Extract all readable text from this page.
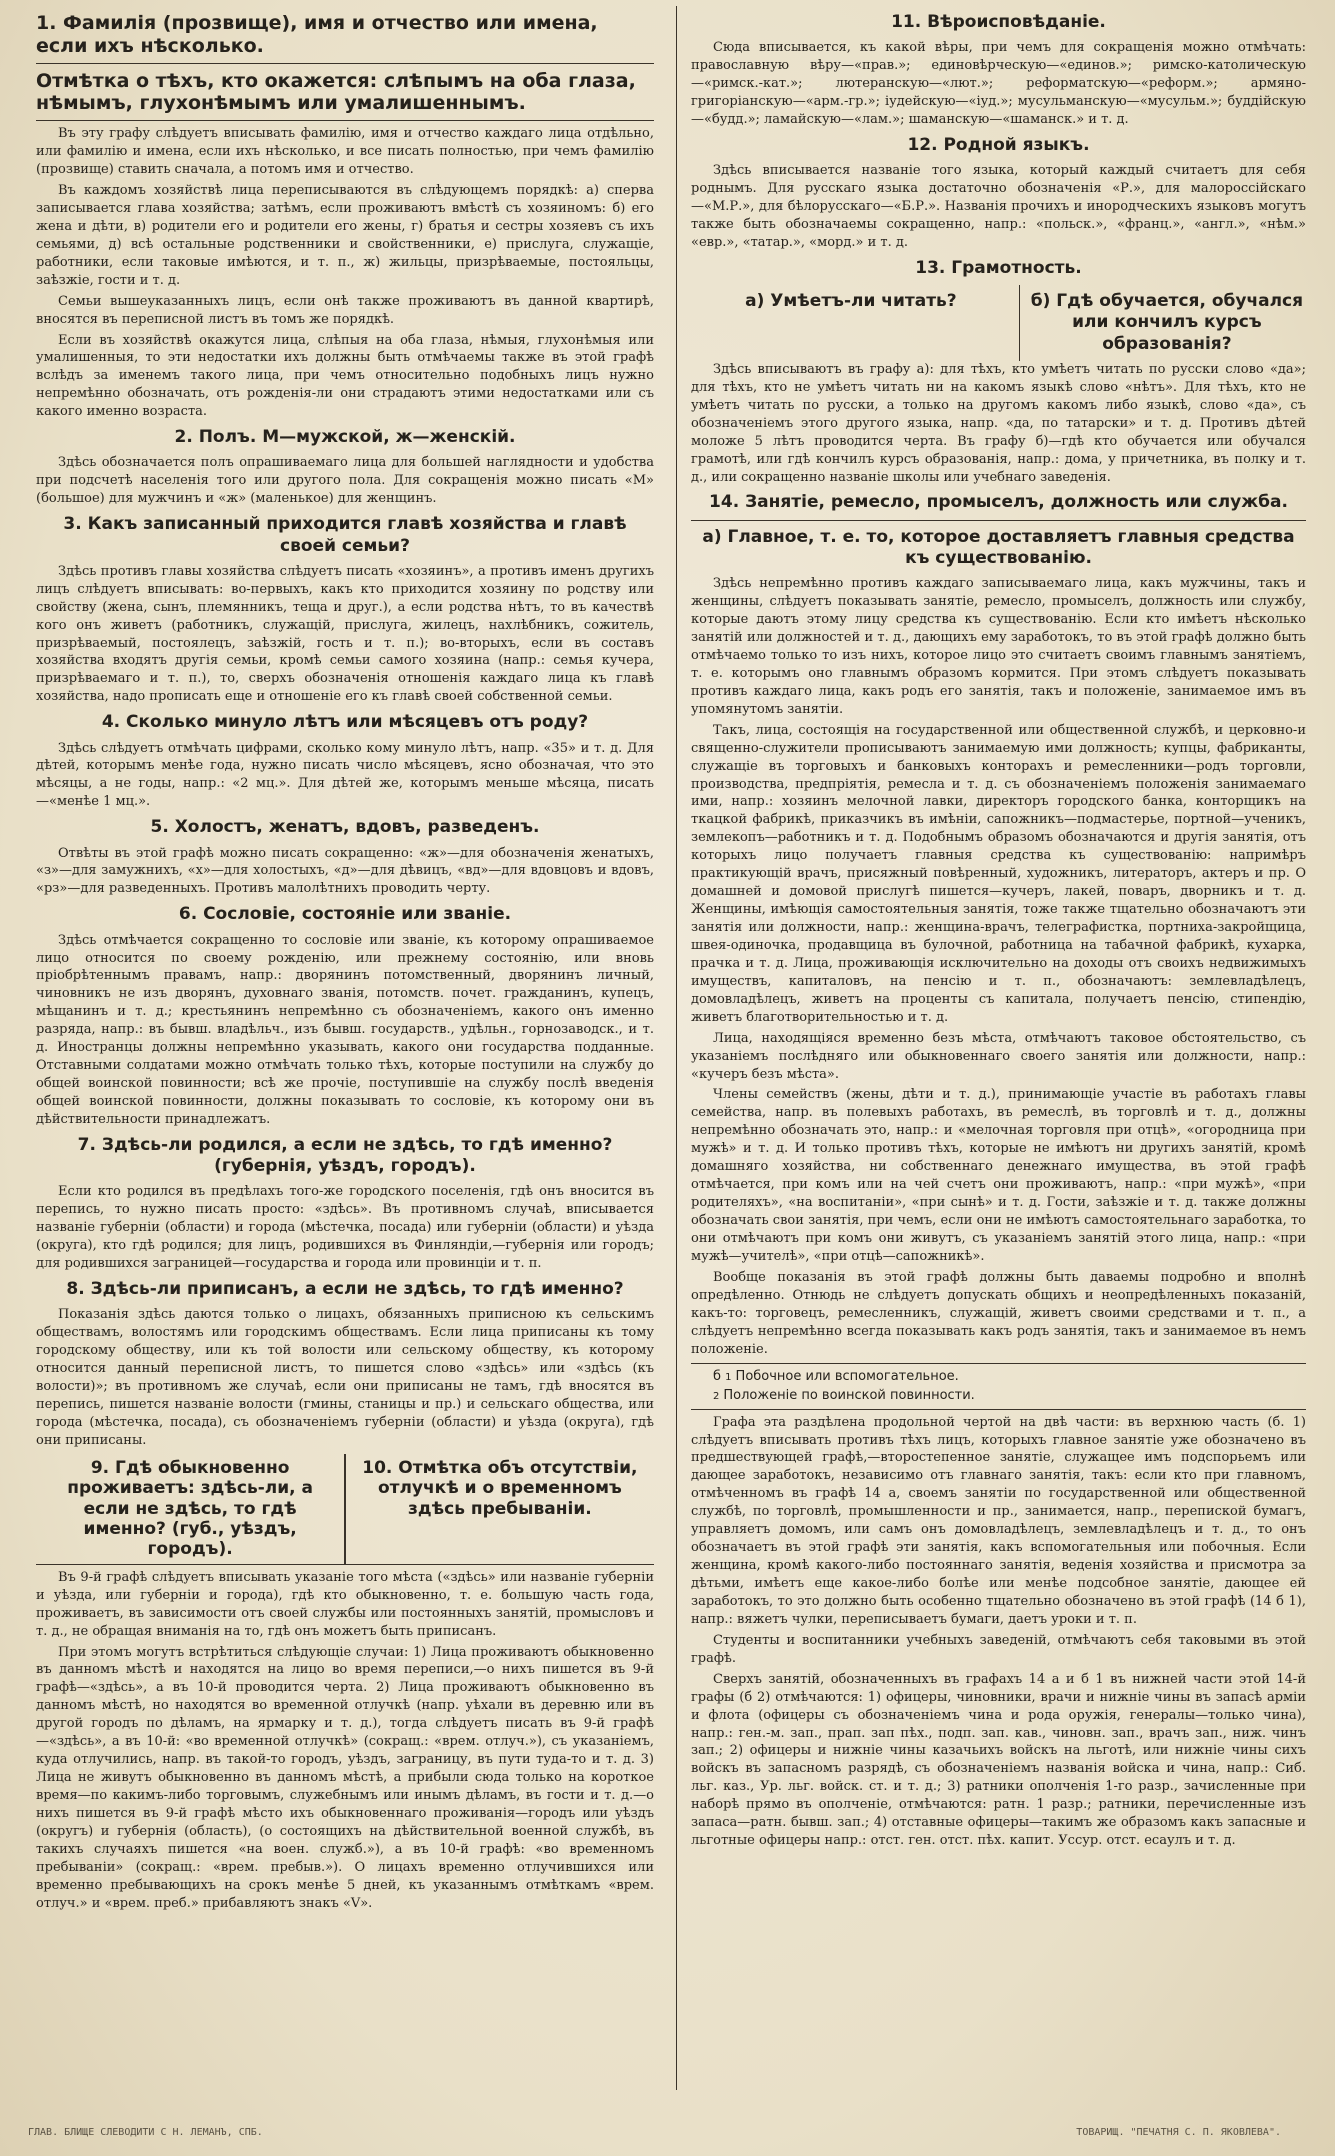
1. Фамилія (прозвище), имя и отчество или имена, если ихъ нѣсколько.
Отмѣтка о тѣхъ, кто окажется: слѣпымъ на оба глаза, нѣмымъ, глухонѣмымъ или умалишеннымъ.

Въ эту графу слѣдуетъ вписывать фамилію, имя и отчество каждаго лица отдѣльно, или фамилію и имена, если ихъ нѣсколько, и все писать полностью, при чемъ фамилію (прозвище) ставить сначала, а потомъ имя и отчество.

Въ каждомъ хозяйствѣ лица переписываются въ слѣдующемъ порядкѣ: а) сперва записывается глава хозяйства; затѣмъ, если проживаютъ вмѣстѣ съ хозяиномъ: б) его жена и дѣти, в) родители его и родители его жены, г) братья и сестры хозяевъ съ ихъ семьями, д) всѣ остальные родственники и свойственники, е) прислуга, служащіе, работники, если таковые имѣются, и т. п., ж) жильцы, призрѣваемые, постояльцы, заѣзжіе, гости и т. д.

Семьи вышеуказанныхъ лицъ, если онѣ также проживаютъ въ данной квартирѣ, вносятся въ переписной листъ въ томъ же порядкѣ.

Если въ хозяйствѣ окажутся лица, слѣпыя на оба глаза, нѣмыя, глухонѣмыя или умалишенныя, то эти недостатки ихъ должны быть отмѣчаемы также въ этой графѣ вслѣдъ за именемъ такого лица, при чемъ относительно подобныхъ лицъ нужно непремѣнно обозначать, отъ рожденія-ли они страдаютъ этими недостатками или съ какого именно возраста.

2. Полъ. М—мужской, ж—женскій.

Здѣсь обозначается полъ опрашиваемаго лица для большей наглядности и удобства при подсчетѣ населенія того или другого пола. Для сокращенія можно писать «М» (большое) для мужчинъ и «ж» (маленькое) для женщинъ.

3. Какъ записанный приходится главѣ хозяйства и главѣ своей семьи?

Здѣсь противъ главы хозяйства слѣдуетъ писать «хозяинъ», а противъ именъ другихъ лицъ слѣдуетъ вписывать: во-первыхъ, какъ кто приходится хозяину по родству или свойству (жена, сынъ, племянникъ, теща и друг.), а если родства нѣтъ, то въ качествѣ кого онъ живетъ (работникъ, служащій, прислуга, жилецъ, нахлѣбникъ, сожитель, призрѣваемый, постоялецъ, заѣзжій, гость и т. п.); во-вторыхъ, если въ составъ хозяйства входятъ другія семьи, кромѣ семьи самого хозяина (напр.: семья кучера, призрѣваемаго и т. п.), то, сверхъ обозначенія отношенія каждаго лица къ главѣ хозяйства, надо прописать еще и отношеніе его къ главѣ своей собственной семьи.

4. Сколько минуло лѣтъ или мѣсяцевъ отъ роду?

Здѣсь слѣдуетъ отмѣчать цифрами, сколько кому минуло лѣтъ, напр. «35» и т. д. Для дѣтей, которымъ менѣе года, нужно писать число мѣсяцевъ, ясно обозначая, что это мѣсяцы, а не годы, напр.: «2 мц.». Для дѣтей же, которымъ меньше мѣсяца, писать—«менѣе 1 мц.».

5. Холостъ, женатъ, вдовъ, разведенъ.

Отвѣты въ этой графѣ можно писать сокращенно: «ж»—для обозначенія женатыхъ, «з»—для замужнихъ, «х»—для холостыхъ, «д»—для дѣвицъ, «вд»—для вдовцовъ и вдовъ, «рз»—для разведенныхъ. Противъ малолѣтнихъ проводить черту.

6. Сословіе, состояніе или званіе.

Здѣсь отмѣчается сокращенно то сословіе или званіе, къ которому опрашиваемое лицо относится по своему рожденію, или прежнему состоянію, или вновь пріобрѣтеннымъ правамъ, напр.: дворянинъ потомственный, дворянинъ личный, чиновникъ не изъ дворянъ, духовнаго званія, потомств. почет. гражданинъ, купецъ, мѣщанинъ и т. д.; крестьянинъ непремѣнно съ обозначеніемъ, какого онъ именно разряда, напр.: въ бывш. владѣльч., изъ бывш. государств., удѣльн., горнозаводск., и т. д. Иностранцы должны непремѣнно указывать, какого они государства подданные. Отставными солдатами можно отмѣчать только тѣхъ, которые поступили на службу до общей воинской повинности; всѣ же прочіе, поступившіе на службу послѣ введенія общей воинской повинности, должны показывать то сословіе, къ которому они въ дѣйствительности принадлежатъ.

7. Здѣсь-ли родился, а если не здѣсь, то гдѣ именно? (губернія, уѣздъ, городъ).

Если кто родился въ предѣлахъ того-же городского поселенія, гдѣ онъ вносится въ перепись, то нужно писать просто: «здѣсь». Въ противномъ случаѣ, вписывается названіе губерніи (области) и города (мѣстечка, посада) или губерніи (области) и уѣзда (округа), кто гдѣ родился; для лицъ, родившихся въ Финляндіи,—губернія или городъ; для родившихся заграницей—государства и города или провинціи и т. п.

8. Здѣсь-ли приписанъ, а если не здѣсь, то гдѣ именно?

Показанія здѣсь даются только о лицахъ, обязанныхъ приписною къ сельскимъ обществамъ, волостямъ или городскимъ обществамъ. Если лица приписаны къ тому городскому обществу, или къ той волости или сельскому обществу, къ которому относится данный переписной листъ, то пишется слово «здѣсь» или «здѣсь (къ волости)»; въ противномъ же случаѣ, если они приписаны не тамъ, гдѣ вносятся въ перепись, пишется названіе волости (гмины, станицы и пр.) и сельскаго общества, или города (мѣстечка, посада), съ обозначеніемъ губерніи (области) и уѣзда (округа), гдѣ они приписаны.

9. Гдѣ обыкновенно проживаетъ: здѣсь-ли, а если не здѣсь, то гдѣ именно? (губ., уѣздъ, городъ).
10. Отмѣтка объ отсутствіи, отлучкѣ и о временномъ здѣсь пребываніи.

Въ 9-й графѣ слѣдуетъ вписывать указаніе того мѣста («здѣсь» или названіе губерніи и уѣзда, или губерніи и города), гдѣ кто обыкновенно, т. е. большую часть года, проживаетъ, въ зависимости отъ своей службы или постоянныхъ занятій, промысловъ и т. д., не обращая вниманія на то, гдѣ онъ можетъ быть приписанъ.

При этомъ могутъ встрѣтиться слѣдующіе случаи: 1) Лица проживаютъ обыкновенно въ данномъ мѣстѣ и находятся на лицо во время переписи,—о нихъ пишется въ 9-й графѣ—«здѣсь», а въ 10-й проводится черта. 2) Лица проживаютъ обыкновенно въ данномъ мѣстѣ, но находятся во временной отлучкѣ (напр. уѣхали въ деревню или въ другой городъ по дѣламъ, на ярмарку и т. д.), тогда слѣдуетъ писать въ 9-й графѣ—«здѣсь», а въ 10-й: «во временной отлучкѣ» (сокращ.: «врем. отлуч.»), съ указаніемъ, куда отлучились, напр. въ такой-то городъ, уѣздъ, заграницу, въ пути туда-то и т. д. 3) Лица не живутъ обыкновенно въ данномъ мѣстѣ, а прибыли сюда только на короткое время—по какимъ-либо торговымъ, служебнымъ или инымъ дѣламъ, въ гости и т. д.—о нихъ пишется въ 9-й графѣ мѣсто ихъ обыкновеннаго проживанія—городъ или уѣздъ (округъ) и губернія (область), (о состоящихъ на дѣйствительной военной службѣ, въ такихъ случаяхъ пишется «на воен. служб.»), а въ 10-й графѣ: «во временномъ пребываніи» (сокращ.: «врем. пребыв.»). О лицахъ временно отлучившихся или временно пребывающихъ на срокъ менѣе 5 дней, къ указаннымъ отмѣткамъ «врем. отлуч.» и «врем. преб.» прибавляютъ знакъ «V».

11. Вѣроисповѣданіе.

Сюда вписывается, къ какой вѣры, при чемъ для сокращенія можно отмѣчать: православную вѣру—«прав.»; единовѣрческую—«единов.»; римско-католическую—«римск.-кат.»; лютеранскую—«лют.»; реформатскую—«реформ.»; армяно-григоріанскую—«арм.-гр.»; іудейскую—«іуд.»; мусульманскую—«мусульм.»; буддійскую—«будд.»; ламайскую—«лам.»; шаманскую—«шаманск.» и т. д.

12. Родной языкъ.

Здѣсь вписывается названіе того языка, который каждый считаетъ для себя роднымъ. Для русскаго языка достаточно обозначенія «Р.», для малороссійскаго—«М.Р.», для бѣлорусскаго—«Б.Р.». Названія прочихъ и инородческихъ языковъ могутъ также быть обозначаемы сокращенно, напр.: «польск.», «франц.», «англ.», «нѣм.» «евр.», «татар.», «морд.» и т. д.

13. Грамотность.
а) Умѣетъ-ли читать?	б) Гдѣ обучается, обучался или кончилъ курсъ образованія?

Здѣсь вписываютъ въ графу а): для тѣхъ, кто умѣетъ читать по русски слово «да»; для тѣхъ, кто не умѣетъ читать ни на какомъ языкѣ слово «нѣтъ». Для тѣхъ, кто не умѣетъ читать по русски, а только на другомъ какомъ либо языкѣ, слово «да», съ обозначеніемъ этого другого языка, напр. «да, по татарски» и т. д. Противъ дѣтей моложе 5 лѣтъ проводится черта. Въ графу б)—гдѣ кто обучается или обучался грамотѣ, или гдѣ кончилъ курсъ образованія, напр.: дома, у причетника, въ полку и т. д., или сокращенно названіе школы или учебнаго заведенія.

14. Занятіе, ремесло, промыселъ, должность или служба.
а) Главное, т. е. то, которое доставляетъ главныя средства къ существованію.

Здѣсь непремѣнно противъ каждаго записываемаго лица, какъ мужчины, такъ и женщины, слѣдуетъ показывать занятіе, ремесло, промыселъ, должность или службу, которые даютъ этому лицу средства къ существованію. Если кто имѣетъ нѣсколько занятій или должностей и т. д., дающихъ ему заработокъ, то въ этой графѣ должно быть отмѣчаемо только то изъ нихъ, которое лицо это считаетъ своимъ главнымъ занятіемъ, т. е. которымъ оно главнымъ образомъ кормится. При этомъ слѣдуетъ показывать противъ каждаго лица, какъ родъ его занятія, такъ и положеніе, занимаемое имъ въ упомянутомъ занятіи.

Такъ, лица, состоящія на государственной или общественной службѣ, и церковно-и священно-служители прописываютъ занимаемую ими должность; купцы, фабриканты, служащіе въ торговыхъ и банковыхъ конторахъ и ремесленники—родъ торговли, производства, предпріятія, ремесла и т. д. съ обозначеніемъ положенія занимаемаго ими, напр.: хозяинъ мелочной лавки, директоръ городского банка, конторщикъ на ткацкой фабрикѣ, приказчикъ въ имѣніи, сапожникъ—подмастерье, портной—ученикъ, землекопъ—работникъ и т. д. Подобнымъ образомъ обозначаются и другія занятія, отъ которыхъ лицо получаетъ главныя средства къ существованію: напримѣръ практикующій врачъ, присяжный повѣренный, художникъ, литераторъ, актеръ и пр. О домашней и домовой прислугѣ пишется—кучеръ, лакей, поваръ, дворникъ и т. д. Женщины, имѣющія самостоятельныя занятія, тоже также тщательно обозначаютъ эти занятія или должности, напр.: женщина-врачъ, телеграфистка, портниха-закройщица, швея-одиночка, продавщица въ булочной, работница на табачной фабрикѣ, кухарка, прачка и т. д. Лица, проживающія исключительно на доходы отъ своихъ недвижимыхъ имуществъ, капиталовъ, на пенсію и т. п., обозначаютъ: землевладѣлецъ, домовладѣлецъ, живетъ на проценты съ капитала, получаетъ пенсію, стипендію, живетъ благотворительностью и т. д.

Лица, находящіяся временно безъ мѣста, отмѣчаютъ таковое обстоятельство, съ указаніемъ послѣдняго или обыкновеннаго своего занятія или должности, напр.: «кучеръ безъ мѣста».

Члены семействъ (жены, дѣти и т. д.), принимающіе участіе въ работахъ главы семейства, напр. въ полевыхъ работахъ, въ ремеслѣ, въ торговлѣ и т. д., должны непремѣнно обозначать это, напр.: и «мелочная торговля при отцѣ», «огородница при мужѣ» и т. д. И только противъ тѣхъ, которые не имѣютъ ни другихъ занятій, кромѣ домашняго хозяйства, ни собственнаго денежнаго имущества, въ этой графѣ отмѣчается, при комъ или на чей счетъ они проживаютъ, напр.: «при мужѣ», «при родителяхъ», «на воспитаніи», «при сынѣ» и т. д. Гости, заѣзжіе и т. д. также должны обозначать свои занятія, при чемъ, если они не имѣютъ самостоятельнаго заработка, то они отмѣчаютъ при комъ они живутъ, съ указаніемъ занятій этого лица, напр.: «при мужѣ—учителѣ», «при отцѣ—сапожникѣ».

Вообще показанія въ этой графѣ должны быть даваемы подробно и вполнѣ опредѣленно. Отнюдь не слѣдуетъ допускать общихъ и неопредѣленныхъ показаній, какъ-то: торговецъ, ремесленникъ, служащій, живетъ своими средствами и т. п., а слѣдуетъ непремѣнно всегда показывать какъ родъ занятія, такъ и занимаемое въ немъ положеніе.

б 1 Побочное или вспомогательное.
2 Положеніе по воинской повинности.

Графа эта раздѣлена продольной чертой на двѣ части: въ верхнюю часть (б. 1) слѣдуетъ вписывать противъ тѣхъ лицъ, которыхъ главное занятіе уже обозначено въ предшествующей графѣ,—второстепенное занятіе, служащее имъ подспорьемъ или дающее заработокъ, независимо отъ главнаго занятія, такъ: если кто при главномъ, отмѣченномъ въ графѣ 14 а, своемъ занятіи по государственной или общественной службѣ, по торговлѣ, промышленности и пр., занимается, напр., перепиской бумагъ, управляетъ домомъ, или самъ онъ домовладѣлецъ, землевладѣлецъ и т. д., то онъ обозначаетъ въ этой графѣ эти занятія, какъ вспомогательныя или побочныя. Если женщина, кромѣ какого-либо постояннаго занятія, веденія хозяйства и присмотра за дѣтьми, имѣетъ еще какое-либо болѣе или менѣе подсобное занятіе, дающее ей заработокъ, то это должно быть особенно тщательно обозначено въ этой графѣ (14 б 1), напр.: вяжетъ чулки, переписываетъ бумаги, даетъ уроки и т. п.

Студенты и воспитанники учебныхъ заведеній, отмѣчаютъ себя таковыми въ этой графѣ.

Сверхъ занятій, обозначенныхъ въ графахъ 14 а и б 1 въ нижней части этой 14-й графы (б 2) отмѣчаются: 1) офицеры, чиновники, врачи и нижніе чины въ запасѣ арміи и флота (офицеры съ обозначеніемъ чина и рода оружія, генералы—только чина), напр.: ген.-м. зап., прап. зап пѣх., подп. зап. кав., чиновн. зап., врачъ зап., ниж. чинъ зап.; 2) офицеры и нижніе чины казачьихъ войскъ на льготѣ, или нижніе чины сихъ войскъ въ запасномъ разрядѣ, съ обозначеніемъ названія войска и чина, напр.: Сиб. льг. каз., Ур. льг. войск. ст. и т. д.; 3) ратники ополченія 1-го разр., зачисленные при наборѣ прямо въ ополченіе, отмѣчаются: ратн. 1 разр.; ратники, перечисленные изъ запаса—ратн. бывш. зап.; 4) отставные офицеры—такимъ же образомъ какъ запасные и льготные офицеры напр.: отст. ген. отст. пѣх. капит. Уссур. отст. есаулъ и т. д.

ГЛАВ. БЛИЩЕ СЛЕВОДИТИ С Н. ЛЕМАНЪ, СПБ.	ТОВАРИЩ. "ПЕЧАТНЯ С. П. ЯКОВЛЕВА".
